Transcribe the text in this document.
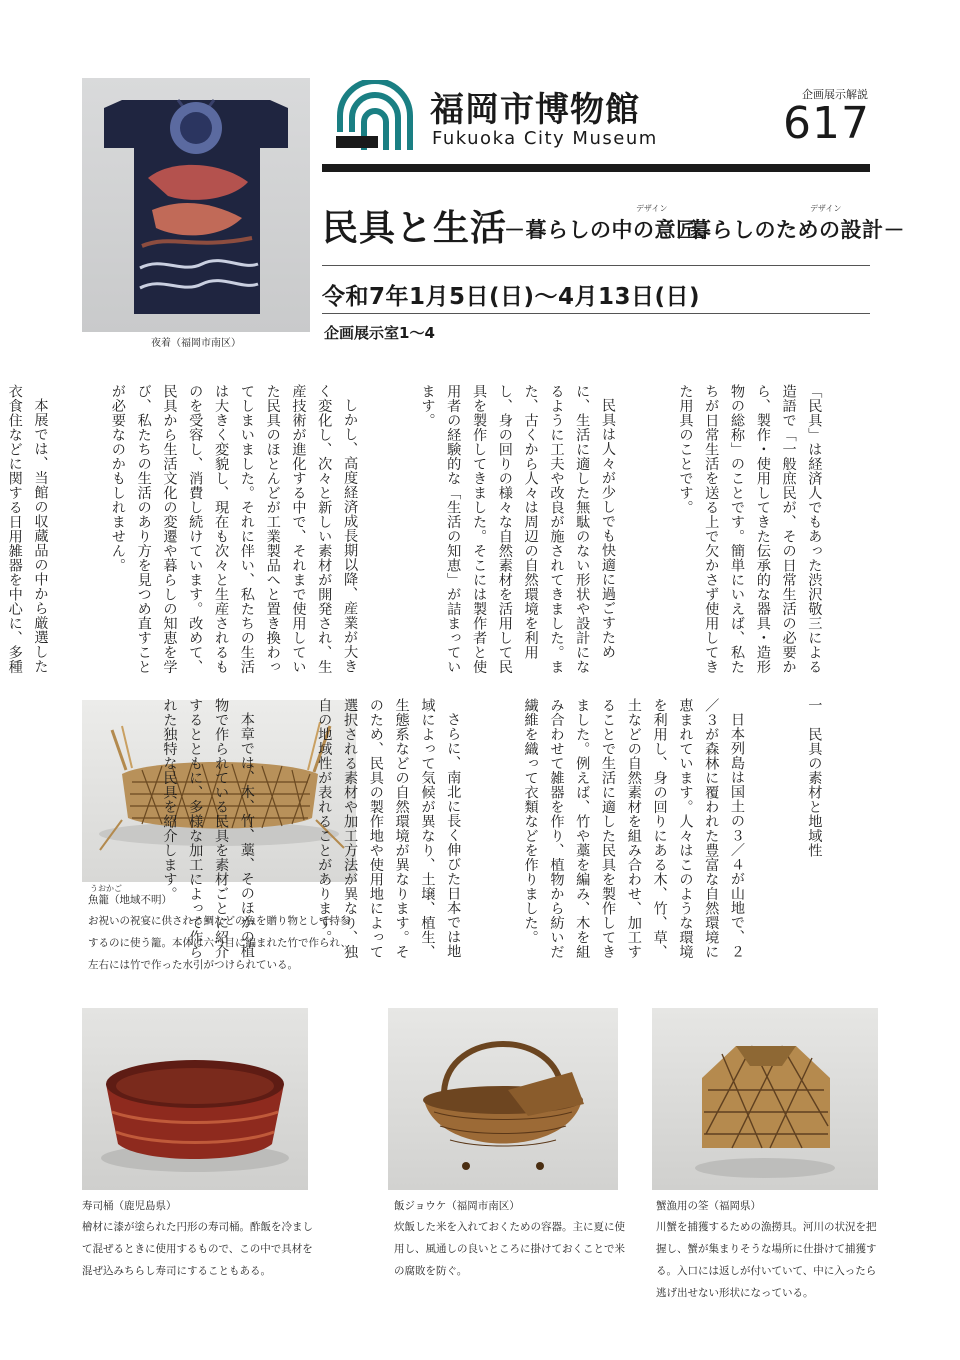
夜着（福岡市南区）
福岡市博物館
Fukuoka City Museum
企画展示解説
617
民具と生活	デザイン	デザイン
－暮らしの中の意匠、
暮らしのための設計－
令和7年1月5日(日)～4月13日(日)
企画展示室1～4

「民具」は経済人でもあった渋沢敬三による造語で「一般庶民が、その日常生活の必要から、製作・使用してきた伝承的な器具・造形物の総称」のことです。簡単にいえば、私たちが日常生活を送る上で欠かさず使用してきた用具のことです。

民具は人々が少しでも快適に過ごすために、生活に適した無駄のない形状や設計になるように工夫や改良が施されてきました。また、古くから人々は周辺の自然環境を利用し、身の回りの様々な自然素材を活用して民具を製作してきました。そこには製作者と使用者の経験的な「生活の知恵」が詰まっています。

しかし、高度経済成長期以降、産業が大きく変化し、次々と新しい素材が開発され、生産技術が進化する中で、それまで使用していた民具のほとんどが工業製品へと置き換わってしまいました。それに伴い、私たちの生活は大きく変貌し、現在も次々と生産されるものを受容し、消費し続けています。改めて、民具から生活文化の変遷や暮らしの知恵を学び、私たちの生活のあり方を見つめ直すことが必要なのかもしれません。

本展では、当館の収蔵品の中から厳選した衣食住などに関する日用雑器を中心に、多種

うおかご
魚籠（地域不明）
お祝いの祝宴に供される鯛などの魚を贈り物として持参するのに使う籠。本体は六つ目に編まれた竹で作られ、左右には竹で作った水引がつけられている。

一　民具の素材と地域性

日本列島は国土の３／４が山地で、２／３が森林に覆われた豊富な自然環境に恵まれています。人々はこのような環境を利用し、身の回りにある木、竹、草、土などの自然素材を組み合わせ、加工することで生活に適した民具を製作してきました。例えば、竹や藁を編み、木を組み合わせて雑器を作り、植物から紡いだ繊維を織って衣類などを作りました。

さらに、南北に長く伸びた日本では地域によって気候が異なり、土壌、植生、生態系などの自然環境が異なります。そのため、民具の製作地や使用地によって選択される素材や加工方法が異なり、独自の地域性が表れることがあります。

本章では、木、竹、藁、そのほかの植物で作られている民具を素材ごとに紹介するとともに、多様な加工によって作られた独特な民具を紹介します。

寿司桶（鹿児島県）
檜材に漆が塗られた円形の寿司桶。酢飯を冷まして混ぜるときに使用するもので、この中で具材を混ぜ込みちらし寿司にすることもある。
飯ジョウケ（福岡市南区）
炊飯した米を入れておくための容器。主に夏に使用し、風通しの良いところに掛けておくことで米の腐敗を防ぐ。
蟹漁用の筌（福岡県）
川蟹を捕獲するための漁撈具。河川の状況を把握し、蟹が集まりそうな場所に仕掛けて捕獲する。入口には返しが付いていて、中に入ったら逃げ出せない形状になっている。
